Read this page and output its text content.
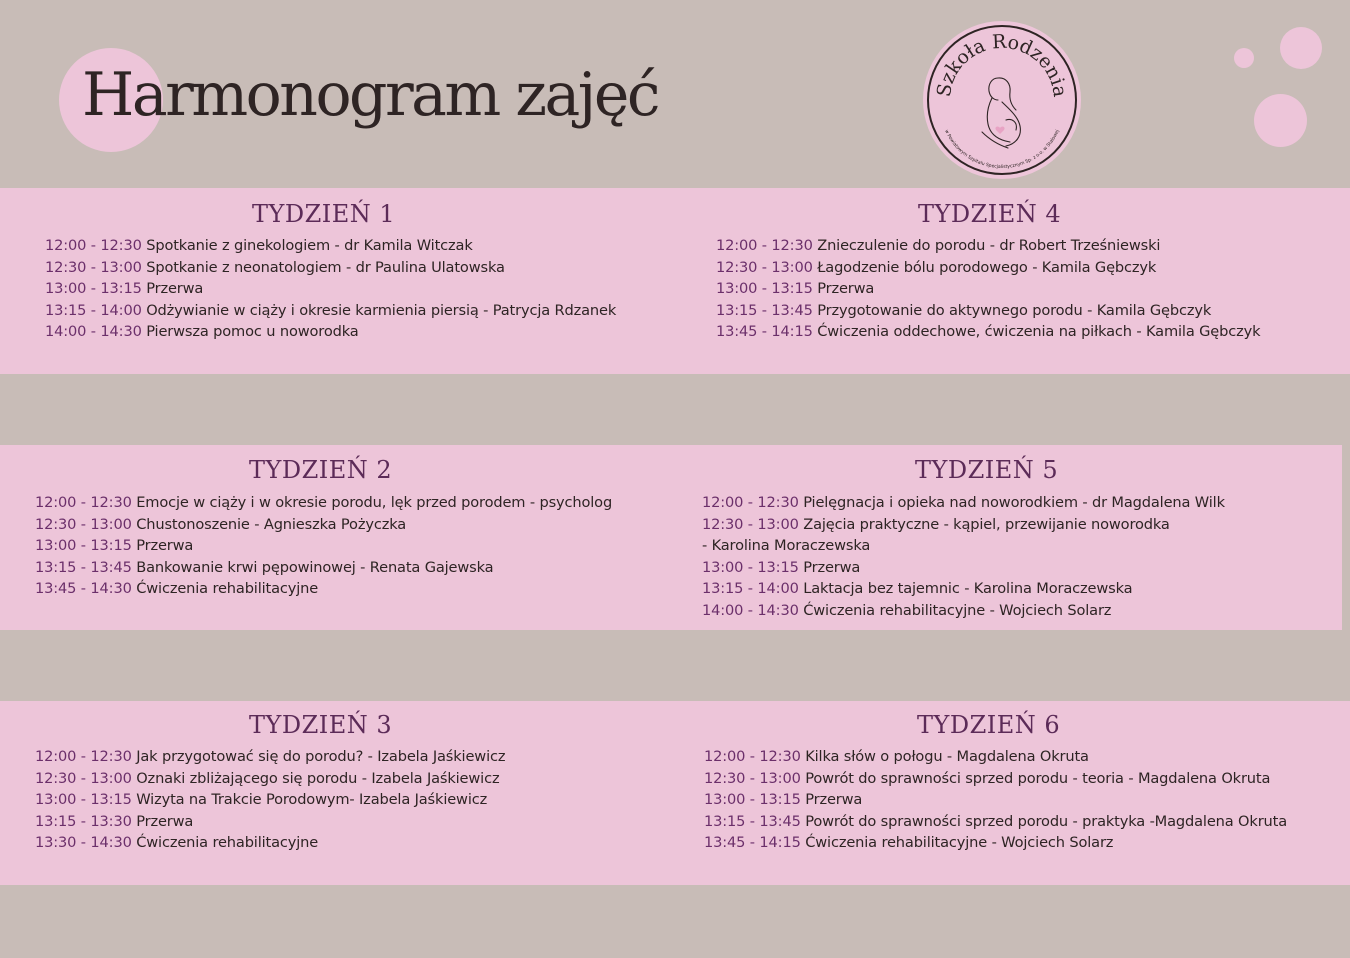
Harmonogram zajęć	Szkoła Rodzenia
w Powiatowym Szpitalu Specjalistycznym Sp. z o.o. w Stalowej
TYDZIEŃ 1
12:00 - 12:30 Spotkanie z ginekologiem - dr Kamila Witczak
12:30 - 13:00 Spotkanie z neonatologiem - dr Paulina Ulatowska
13:00 - 13:15 Przerwa
13:15 - 14:00 Odżywianie w ciąży i okresie karmienia piersią - Patrycja Rdzanek
14:00 - 14:30 Pierwsza pomoc u noworodka
TYDZIEŃ 4
12:00 - 12:30 Znieczulenie do porodu - dr Robert Trześniewski
12:30 - 13:00 Łagodzenie bólu porodowego - Kamila Gębczyk
13:00 - 13:15 Przerwa
13:15 - 13:45 Przygotowanie do aktywnego porodu - Kamila Gębczyk
13:45 - 14:15 Ćwiczenia oddechowe, ćwiczenia na piłkach - Kamila Gębczyk
TYDZIEŃ 2
12:00 - 12:30 Emocje w ciąży i w okresie porodu, lęk przed porodem - psycholog
12:30 - 13:00 Chustonoszenie - Agnieszka Pożyczka
13:00 - 13:15 Przerwa
13:15 - 13:45 Bankowanie krwi pępowinowej - Renata Gajewska
13:45 - 14:30 Ćwiczenia rehabilitacyjne
TYDZIEŃ 5
12:00 - 12:30 Pielęgnacja i opieka nad noworodkiem - dr Magdalena Wilk
12:30 - 13:00 Zajęcia praktyczne - kąpiel, przewijanie noworodka
- Karolina Moraczewska
13:00 - 13:15 Przerwa
13:15 - 14:00 Laktacja bez tajemnic - Karolina Moraczewska
14:00 - 14:30 Ćwiczenia rehabilitacyjne - Wojciech Solarz
TYDZIEŃ 3
12:00 - 12:30 Jak przygotować się do porodu? - Izabela Jaśkiewicz
12:30 - 13:00 Oznaki zbliżającego się porodu - Izabela Jaśkiewicz
13:00 - 13:15 Wizyta na Trakcie Porodowym- Izabela Jaśkiewicz
13:15 - 13:30 Przerwa
13:30 - 14:30 Ćwiczenia rehabilitacyjne
TYDZIEŃ 6
12:00 - 12:30 Kilka słów o połogu - Magdalena Okruta
12:30 - 13:00 Powrót do sprawności sprzed porodu - teoria - Magdalena Okruta
13:00 - 13:15 Przerwa
13:15 - 13:45 Powrót do sprawności sprzed porodu - praktyka -Magdalena Okruta
13:45 - 14:15 Ćwiczenia rehabilitacyjne - Wojciech Solarz
